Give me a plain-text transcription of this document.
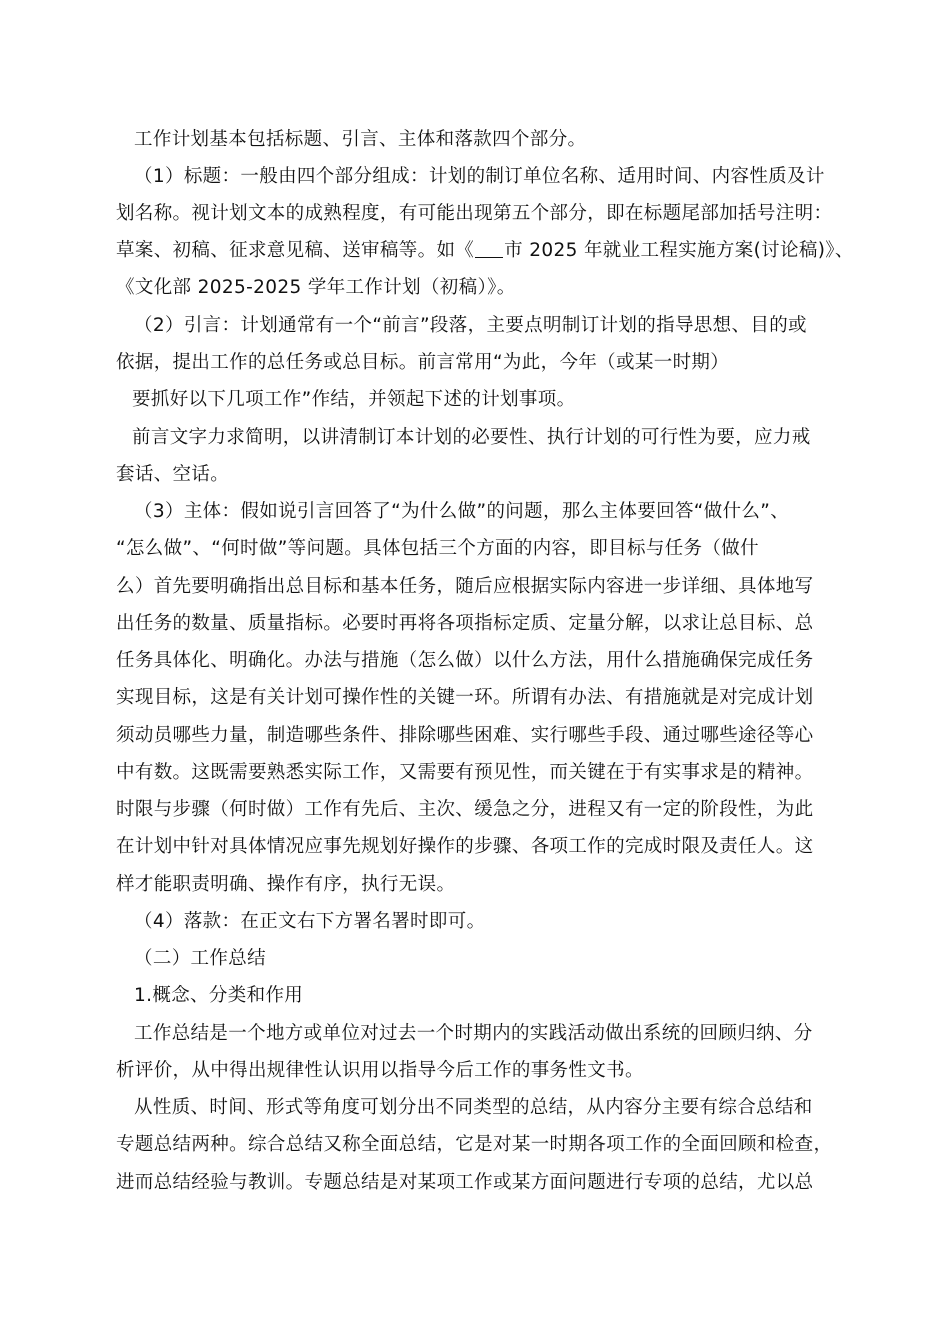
工作计划基本包括标题、引言、主体和落款四个部分。
（1）标题：一般由四个部分组成：计划的制订单位名称、适用时间、内容性质及计
划名称。视计划文本的成熟程度，有可能出现第五个部分，即在标题尾部加括号注明：
草案、初稿、征求意见稿、送审稿等。如《 市 2025 年就业工程实施方案(讨论稿)》、
《文化部 2025-2025 学年工作计划（初稿）》。
（2）引言：计划通常有一个“前言”段落，主要点明制订计划的指导思想、目的或
依据，提出工作的总任务或总目标。前言常用“为此，今年（或某一时期）
要抓好以下几项工作”作结，并领起下述的计划事项。
前言文字力求简明，以讲清制订本计划的必要性、执行计划的可行性为要，应力戒
套话、空话。
（3）主体：假如说引言回答了“为什么做”的问题，那么主体要回答“做什么”、
“怎么做”、“何时做”等问题。具体包括三个方面的内容，即目标与任务（做什
么）首先要明确指出总目标和基本任务，随后应根据实际内容进一步详细、具体地写
出任务的数量、质量指标。必要时再将各项指标定质、定量分解，以求让总目标、总
任务具体化、明确化。办法与措施（怎么做）以什么方法，用什么措施确保完成任务
实现目标，这是有关计划可操作性的关键一环。所谓有办法、有措施就是对完成计划
须动员哪些力量，制造哪些条件、排除哪些困难、实行哪些手段、通过哪些途径等心
中有数。这既需要熟悉实际工作，又需要有预见性，而关键在于有实事求是的精神。
时限与步骤（何时做）工作有先后、主次、缓急之分，进程又有一定的阶段性，为此
在计划中针对具体情况应事先规划好操作的步骤、各项工作的完成时限及责任人。这
样才能职责明确、操作有序，执行无误。
（4）落款：在正文右下方署名署时即可。
（二）工作总结
1.概念、分类和作用
工作总结是一个地方或单位对过去一个时期内的实践活动做出系统的回顾归纳、分
析评价，从中得出规律性认识用以指导今后工作的事务性文书。
从性质、时间、形式等角度可划分出不同类型的总结，从内容分主要有综合总结和
专题总结两种。综合总结又称全面总结，它是对某一时期各项工作的全面回顾和检查，
进而总结经验与教训。专题总结是对某项工作或某方面问题进行专项的总结，尤以总
